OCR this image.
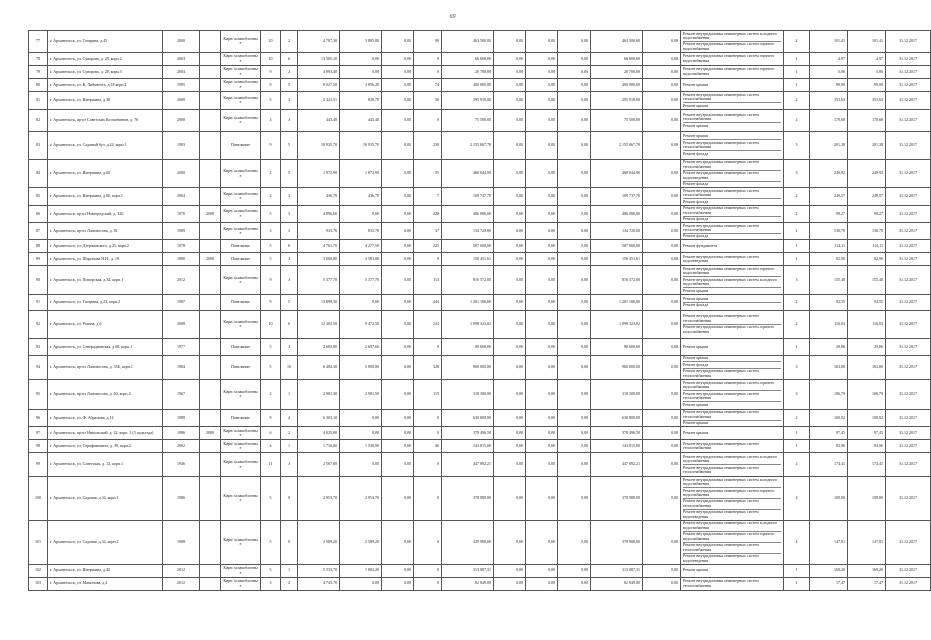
69
77	г. Архангельск, ул. Гагарина, д.45	2000		Кирп/ шлакоблочны е	10	2	4 787,30	3 885,80	0,00	90	463 500,00	0,00	0,00	0,00	463 500,00	0,00	Ремонт внутридомовых инженерных систем холодного водоснабжения
Ремонт внутридомовых инженерных систем горячего водоснабжения	2	101,41	101,41	31.12.2017
78	г. Архангельск, ул. Суворова, д. 28, корп.2	2004		Кирп/ шлакоблочны е	10	6	13 565,10	0,00	0,00	0	66 600,00	0,00	0,00	0,00	66 600,00	0,00	Ремонт внутридомовых инженерных систем горячего водоснабжения	1	4,97	4,97	31.12.2017
79	г. Архангельск, ул. Суворова, д. 28, корп.3	2004		Кирп/ шлакоблочны е	9	2	4 093,40	0,00	0,00	0	20 700,00	0,00	0,00	0,00	20 700,00	0,00	Ремонт внутридомовых инженерных систем горячего водоснабжения	1	5,06	5,06	31.12.2017
80	г. Архангельск, ул. К. Либкнехта, д.18 корп.2	1995		Кирп/ шлакоблочны е	9	5	8 027,50	3 856,20	0,00	74	400 000,00	0,00	0,00	0,00	400 000,00	0,00	Ремонт крыши	1	99,90	99,90	31.12.2017
81	г. Архангельск, ул. Имершина, д.38	2000		Кирп/ шлакоблочны е	5	3	2 323,51	830,70	0,00	30	295 918,00	0,00	0,00	0,00	295 918,00	0,00	Ремонт внутридомовых инженерных систем теплоснабжения
Ремонт крыши	2	353,63	353,63	31.12.2017
82	г. Архангельск, пр-кт Советских Космонавтов, д. 76	2008		Кирп/ шлакоблочны е	4	3	443,40	443,40	0,00	0	75 500,00	0,00	0,00	0,00	75 500,00	0,00	Ремонт внутридомовых инженерных систем теплоснабжения
Ремонт крыши	2	170,68	170,68	31.12.2017
83	г. Архангельск, ул. Садовый бул, д.24, корп.1	1983		Панельные	9	5	10 935,70	10 935,70	0,00	230	2 155 067,78	0,00	0,00	0,00	2 155 067,78	0,00	Ремонт крыши
Ремонт внутридомовых инженерных систем теплоснабжения
Ремонт фасада	3	201,38	201,38	31.12.2017
84	г. Архангельск, ул. Имершина, д.60	2000		Кирп/ шлакоблочны е	4	5	1 872,90	1 872,90	0,00	35	468 044,90	0,00	0,00	0,00	468 044,90	0,00	Ремонт внутридомовых инженерных систем теплоснабжения
Ремонт внутридомовых инженерных систем водоотведения
Ремонт фасада	3	249,92	249,92	31.12.2017
85	г. Архангельск, ул. Имершина, д.60, корп.1	2004		Кирп/ шлакоблочны е	4	3	436,70	436,70	0,00	7	109 737,70	0,00	0,00	0,00	109 737,70	0,00	Ремонт внутридомовых инженерных систем теплоснабжения
Ремонт фасада	2	249,57	249,57	31.12.2017
86	г. Архангельск, пр-кт Новгородский, д. 12Б	1970	2008	Кирп/ шлакоблочны е	5	3	4 896,60	0,00	0,00	228	486 086,00	0,00	0,00	0,00	486 086,00	0,00	Ремонт внутридомовых инженерных систем теплоснабжения
Ремонт фасада	2	99,27	99,27	31.12.2017
87	г. Архангельск, пр-кт Ломоносова, д. 81	1989		Кирп/ шлакоблочны е	3	3	933,76	833,70	0,00	37	134 720,00	0,00	0,00	0,00	134 720,00	0,00	Ремонт внутридомовых инженерных систем теплоснабжения
Ремонт фасада	1	130,78	130,78	31.12.2017
88	г. Архангельск, ул. Дзержинского, д.25, корп.2	1978		Панельные	5	6	4 761,70	4 277,50	0,00	225	587 000,00	0,00	0,00	0,00	587 000,00	0,00	Ремонт фундамента	1	114,11	114,11	31.12.2017
89	г. Архангельск, ул. Шаронова Н.Н., д. 19	1890	2008	Панельные	5	3	5 060,80	3 583,80	0,00	0	150 451,61	0,00	0,00	0,00	150 451,61	0,00	Ремонт внутридомовых инженерных систем водоотведения	1	82,90	82,90	31.12.2017
90	г. Архангельск, ул. Поморская, д.34, корп.1	2012		Кирп/ шлакоблочны е	9	3	5 377,70	5 377,70	0,00	113	816 572,00	0,00	0,00	0,00	816 572,00	0,00	Ремонт внутридомовых инженерных систем горячего водоснабжения
Ремонт внутридомовых инженерных систем холодного водоснабжения
Ремонт крыши	3	155,40	155,40	31.12.2017
91	г. Архангельск, ул. Гагарина, д.23, корп.2	1987		Панельные	9	5	13 899,30	0,00	0,00	444	1 281 186,00	0,00	0,00	0,00	1 281 186,00	0,00	Ремонт крыши
Ремонт фасада	2	92,55	92,55	31.12.2017
92	г. Архангельск, ул. Розина, д.6	2008		Кирп/ шлакоблочны е	10	6	12 303,50	9 472,50	0,00	234	1 098 323,02	0,00	0,00	0,00	1 098 323,02	0,00	Ремонт внутридомовых инженерных систем теплоснабжения
Ремонт внутридомовых инженерных систем горячего водоснабжения	2	116,03	116,03	31.12.2017
93	г. Архангельск, ул. Северодвинская, д.68, корп.1	1977		Панельные	5	3	2 683,80	2 697,60	0,00	0	80 600,00	0,00	0,00	0,00	80 600,00	0,00	Ремонт крыши	1	29,86	29,86	31.12.2017
94	г. Архангельск, пр-кт Ломоносова, д. 35Б, корп.1	1984		Панельные	5	10	6 484,30	5 890,80	0,00	326	960 000,00	0,00	0,00	0,00	960 000,00	0,00	Ремонт крыши
Ремонт фасада
Ремонт внутридомовых инженерных систем теплоснабжения	3	163,00	163,00	31.12.2017
95	г. Архангельск, пр-кт Ломоносова, д. 60, корп.4	1967		Кирп/ шлакоблочны е	2	1	2 981,30	2 981,50	0,00	115	318 300,00	0,00	0,00	0,00	318 300,00	0,00	Ремонт внутридомовых инженерных систем горячего водоснабжения
Ремонт внутридомовых инженерных систем теплоснабжения
Ремонт крыши	3	106,79	106,79	31.12.2017
96	г. Архангельск, ул. Ф. Абрамова, д.14	1989		Панельные	9	4	6 303,10	0,00	0,00	0	630 800,00	0,00	0,00	0,00	630 800,00	0,00	Ремонт внутридомовых инженерных систем теплоснабжения
Ремонт крыши	2	100,02	100,02	31.12.2017
97	г. Архангельск, пр-кт Никольский, д. 32, корп. 1 (3 подъезда)	1986	2008	Кирп/ шлакоблочны е	6	2	4 025,00	0,00	0,00	0	378 496,50	0,00	0,00	0,00	378 496,50	0,00	Ремонт крыши	1	97,45	97,45	31.12.2017
98	г. Архангельск, ул. Серафимовича, д. 39, корп.2	2002		Кирп/ шлакоблочны е	4	1	1 716,00	1 530,90	0,00	46	143 815,00	0,00	0,00	0,00	143 815,00	0,00	Ремонт внутридомовых инженерных систем теплоснабжения	1	83,96	83,96	31.12.2017
99	г. Архангельск, ул. Советская, д. 12, корп.1	1946		Кирп/ шлакоблочны е	11	3	2 567,80	0,00	0,00	0	447 892,21	0,00	0,00	0,00	447 892,21	0,00	Ремонт внутридомовых инженерных систем холодного водоснабжения
Ремонт внутридомовых инженерных систем теплоснабжения	2	174,41	174,41	31.12.2017
100	г. Архангельск, ул. Садовая, д.34, корп.1	1986		Кирп/ шлакоблочны е	5	0	2 953,70	2 953,70	0,00	0	378 980,00	0,00	0,00	0,00	378 980,00	0,00	Ремонт внутридомовых инженерных систем холодного водоснабжения
Ремонт внутридомовых инженерных систем горячего водоснабжения
Ремонт внутридомовых инженерных систем теплоснабжения
Ремонт внутридомовых инженерных систем водоотведения	4	109,00	109,00	31.12.2017
101	г. Архангельск, ул. Садовая, д.34, корп.2	1988		Кирп/ шлакоблочны е	5	0	2 589,20	2 589,20	0,00	0	329 980,00	0,00	0,00	0,00	378 980,00	0,00	Ремонт внутридомовых инженерных систем холодного водоснабжения
Ремонт внутридомовых инженерных систем горячего водоснабжения
Ремонт внутридомовых инженерных систем теплоснабжения
Ремонт внутридомовых инженерных систем водоотведения	4	147,81	147,81	31.12.2017
102	г. Архангельск, ул. Имершина, д.40	2012		Кирп/ шлакоблочны е	5	1	5 533,70	1 802,20	0,00	0	313 087,31	0,00	0,00	0,00	313 087,31	0,00	Ремонт крыши	1	169,20	169,20	31.12.2017
103	г. Архангельск, ул. Мамонова, д.4	2012		Кирп/ шлакоблочны е	3	2	4 743,70	0,00	0,00	0	82 849,00	0,00	0,00	0,00	82 849,00	0,00	Ремонт внутридомовых инженерных систем теплоснабжения	1	17,47	17,47	31.12.2017
